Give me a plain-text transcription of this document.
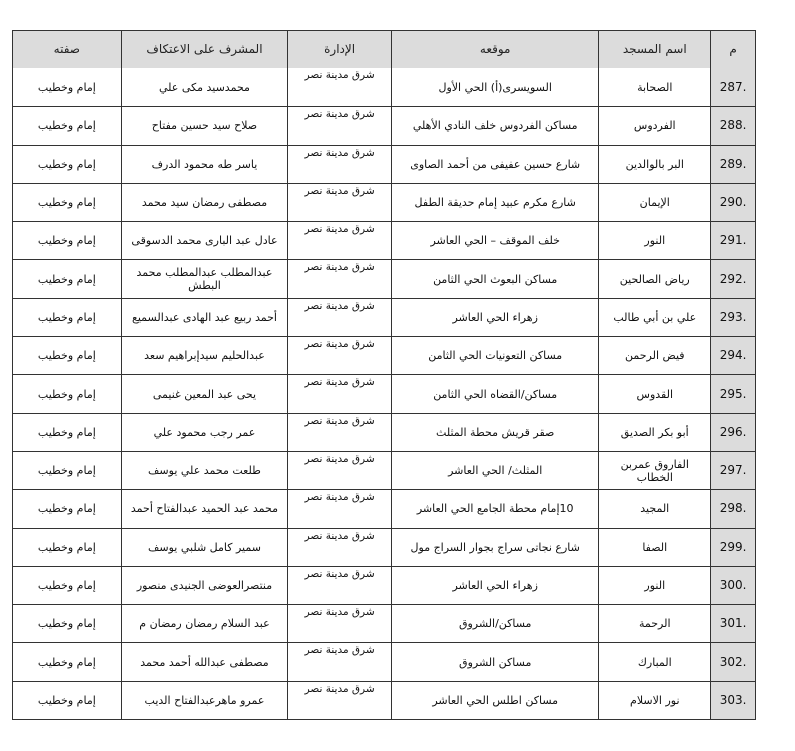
م
اسم المسجد
موقعه
الإدارة
المشرف على الاعتكاف
صفته
287.
الصحابة
السويسرى(أ) الحي الأول
شرق مدينة نصر
محمدسيد مكى علي
إمام وخطيب
288.
الفردوس
مساكن الفردوس خلف النادي الأهلي
شرق مدينة نصر
صلاح سيد حسين مفتاح
إمام وخطيب
289.
البر بالوالدين
شارع حسين عفيفى من أحمد الصاوى
شرق مدينة نصر
ياسر طه محمود الدرف
إمام وخطيب
290.
الإيمان
شارع مكرم عبيد إمام حديقة الطفل
شرق مدينة نصر
مصطفى رمضان سيد محمد
إمام وخطيب
291.
النور
خلف الموقف – الحي العاشر
شرق مدينة نصر
عادل عبد البارى محمد الدسوقى
إمام وخطيب
292.
رياض الصالحين
مساكن البعوث الحي الثامن
شرق مدينة نصر
عبدالمطلب عبدالمطلب محمد البطش
إمام وخطيب
293.
علي بن أبي طالب
زهراء الحي العاشر
شرق مدينة نصر
أحمد ربيع عبد الهادى عبدالسميع
إمام وخطيب
294.
فيض الرحمن
مساكن التعونيات الحي الثامن
شرق مدينة نصر
عبدالحليم سيدإبراهيم سعد
إمام وخطيب
295.
القدوس
مساكن/القضاه الحي الثامن
شرق مدينة نصر
يحى عبد المعين غنيمى
إمام وخطيب
296.
أبو بكر الصديق
صقر قريش محطة المثلث
شرق مدينة نصر
عمر رجب محمود علي
إمام وخطيب
297.
الفاروق عمربن الخطاب
المثلث/ الحي العاشر
شرق مدينة نصر
طلعت محمد علي يوسف
إمام وخطيب
298.
المجيد
10إمام محطة الجامع الحي العاشر
شرق مدينة نصر
محمد عبد الحميد عبدالفتاح أحمد
إمام وخطيب
299.
الصفا
شارع نجاتى سراج بجوار السراج مول
شرق مدينة نصر
سمير كامل شلبي يوسف
إمام وخطيب
300.
النور
زهراء الحي العاشر
شرق مدينة نصر
منتصرالعوضى الجنيدى منصور
إمام وخطيب
301.
الرحمة
مساكن/الشروق
شرق مدينة نصر
عبد السلام رمضان رمضان م
إمام وخطيب
302.
المبارك
مساكن الشروق
شرق مدينة نصر
مصطفى عبدالله أحمد محمد
إمام وخطيب
303.
نور الاسلام
مساكن اطلس الحي العاشر
شرق مدينة نصر
عمرو ماهرعبدالفتاح الديب
إمام وخطيب
